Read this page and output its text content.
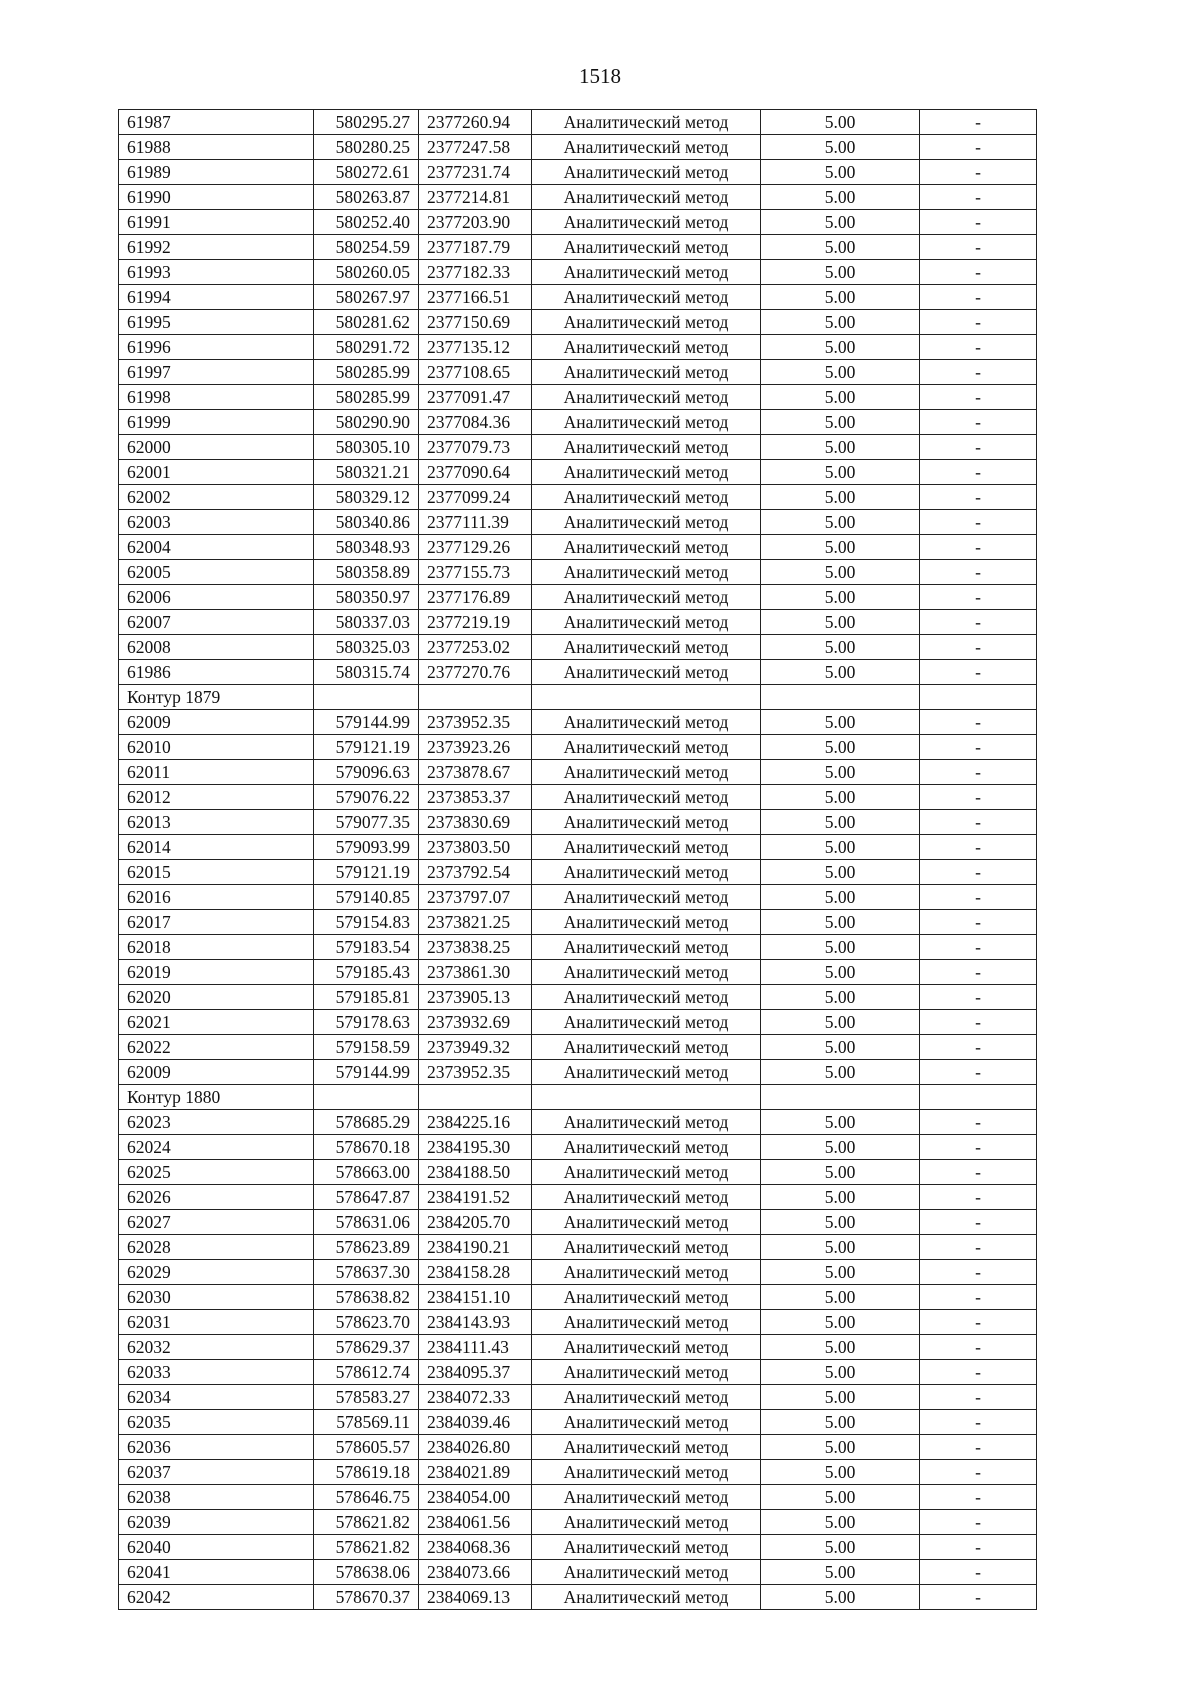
1518
61987	580295.27	2377260.94	Аналитический метод	5.00	-
61988	580280.25	2377247.58	Аналитический метод	5.00	-
61989	580272.61	2377231.74	Аналитический метод	5.00	-
61990	580263.87	2377214.81	Аналитический метод	5.00	-
61991	580252.40	2377203.90	Аналитический метод	5.00	-
61992	580254.59	2377187.79	Аналитический метод	5.00	-
61993	580260.05	2377182.33	Аналитический метод	5.00	-
61994	580267.97	2377166.51	Аналитический метод	5.00	-
61995	580281.62	2377150.69	Аналитический метод	5.00	-
61996	580291.72	2377135.12	Аналитический метод	5.00	-
61997	580285.99	2377108.65	Аналитический метод	5.00	-
61998	580285.99	2377091.47	Аналитический метод	5.00	-
61999	580290.90	2377084.36	Аналитический метод	5.00	-
62000	580305.10	2377079.73	Аналитический метод	5.00	-
62001	580321.21	2377090.64	Аналитический метод	5.00	-
62002	580329.12	2377099.24	Аналитический метод	5.00	-
62003	580340.86	2377111.39	Аналитический метод	5.00	-
62004	580348.93	2377129.26	Аналитический метод	5.00	-
62005	580358.89	2377155.73	Аналитический метод	5.00	-
62006	580350.97	2377176.89	Аналитический метод	5.00	-
62007	580337.03	2377219.19	Аналитический метод	5.00	-
62008	580325.03	2377253.02	Аналитический метод	5.00	-
61986	580315.74	2377270.76	Аналитический метод	5.00	-
Контур 1879					
62009	579144.99	2373952.35	Аналитический метод	5.00	-
62010	579121.19	2373923.26	Аналитический метод	5.00	-
62011	579096.63	2373878.67	Аналитический метод	5.00	-
62012	579076.22	2373853.37	Аналитический метод	5.00	-
62013	579077.35	2373830.69	Аналитический метод	5.00	-
62014	579093.99	2373803.50	Аналитический метод	5.00	-
62015	579121.19	2373792.54	Аналитический метод	5.00	-
62016	579140.85	2373797.07	Аналитический метод	5.00	-
62017	579154.83	2373821.25	Аналитический метод	5.00	-
62018	579183.54	2373838.25	Аналитический метод	5.00	-
62019	579185.43	2373861.30	Аналитический метод	5.00	-
62020	579185.81	2373905.13	Аналитический метод	5.00	-
62021	579178.63	2373932.69	Аналитический метод	5.00	-
62022	579158.59	2373949.32	Аналитический метод	5.00	-
62009	579144.99	2373952.35	Аналитический метод	5.00	-
Контур 1880					
62023	578685.29	2384225.16	Аналитический метод	5.00	-
62024	578670.18	2384195.30	Аналитический метод	5.00	-
62025	578663.00	2384188.50	Аналитический метод	5.00	-
62026	578647.87	2384191.52	Аналитический метод	5.00	-
62027	578631.06	2384205.70	Аналитический метод	5.00	-
62028	578623.89	2384190.21	Аналитический метод	5.00	-
62029	578637.30	2384158.28	Аналитический метод	5.00	-
62030	578638.82	2384151.10	Аналитический метод	5.00	-
62031	578623.70	2384143.93	Аналитический метод	5.00	-
62032	578629.37	2384111.43	Аналитический метод	5.00	-
62033	578612.74	2384095.37	Аналитический метод	5.00	-
62034	578583.27	2384072.33	Аналитический метод	5.00	-
62035	578569.11	2384039.46	Аналитический метод	5.00	-
62036	578605.57	2384026.80	Аналитический метод	5.00	-
62037	578619.18	2384021.89	Аналитический метод	5.00	-
62038	578646.75	2384054.00	Аналитический метод	5.00	-
62039	578621.82	2384061.56	Аналитический метод	5.00	-
62040	578621.82	2384068.36	Аналитический метод	5.00	-
62041	578638.06	2384073.66	Аналитический метод	5.00	-
62042	578670.37	2384069.13	Аналитический метод	5.00	-
